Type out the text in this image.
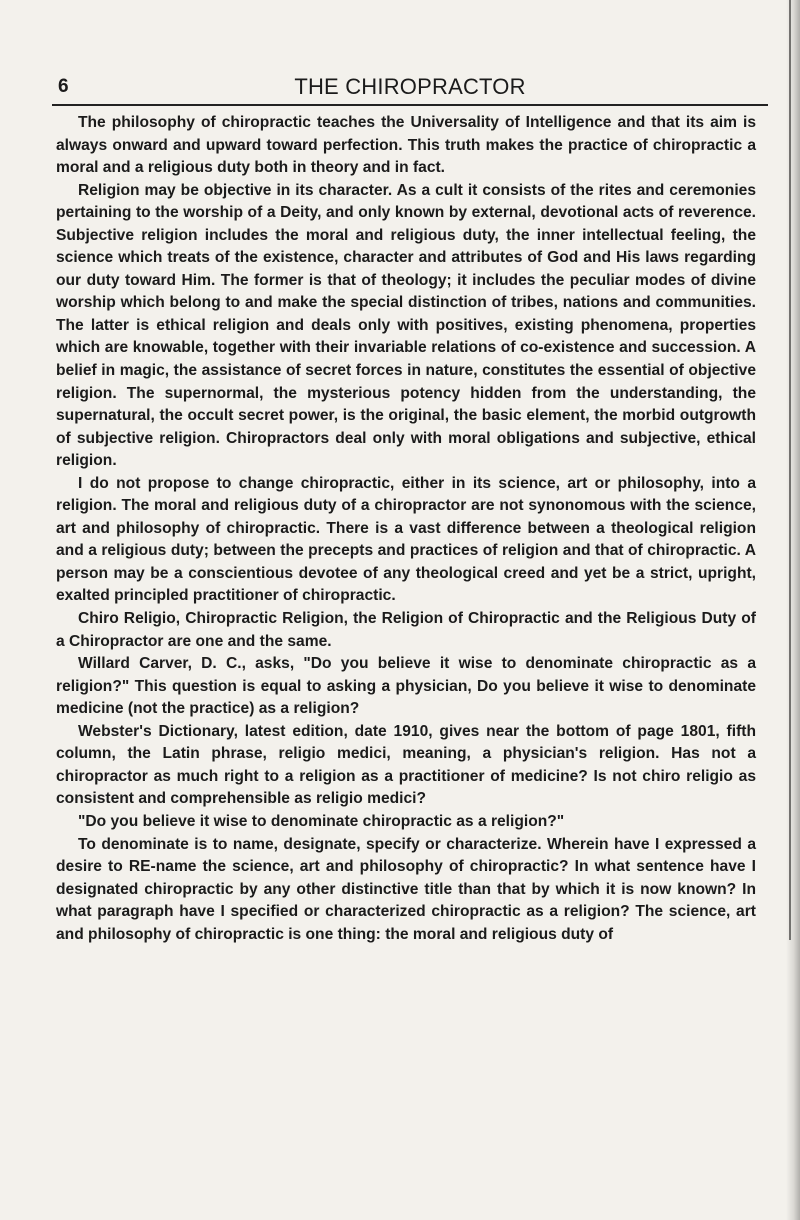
6	THE CHIROPRACTOR

The philosophy of chiropractic teaches the Universality of Intelligence and that its aim is always onward and upward toward perfection. This truth makes the practice of chiropractic a moral and a religious duty both in theory and in fact.

Religion may be objective in its character. As a cult it consists of the rites and ceremonies pertaining to the worship of a Deity, and only known by external, devotional acts of reverence. Subjective religion includes the moral and religious duty, the inner intellectual feeling, the science which treats of the existence, character and attributes of God and His laws regarding our duty toward Him. The former is that of theology; it includes the peculiar modes of divine worship which belong to and make the special distinction of tribes, nations and communities. The latter is ethical religion and deals only with positives, existing phenomena, properties which are knowable, together with their invariable relations of co-existence and succession. A belief in magic, the assistance of secret forces in nature, constitutes the essential of objective religion. The supernormal, the mysterious potency hidden from the understanding, the supernatural, the occult secret power, is the original, the basic element, the morbid outgrowth of subjective religion. Chiropractors deal only with moral obligations and subjective, ethical religion.

I do not propose to change chiropractic, either in its science, art or philosophy, into a religion. The moral and religious duty of a chiropractor are not synonomous with the science, art and philosophy of chiropractic. There is a vast difference between a theological religion and a religious duty; between the precepts and practices of religion and that of chiropractic. A person may be a conscientious devotee of any theological creed and yet be a strict, upright, exalted principled practitioner of chiropractic.

Chiro Religio, Chiropractic Religion, the Religion of Chiropractic and the Religious Duty of a Chiropractor are one and the same.

Willard Carver, D. C., asks, "Do you believe it wise to denominate chiropractic as a religion?" This question is equal to asking a physician, Do you believe it wise to denominate medicine (not the practice) as a religion?

Webster's Dictionary, latest edition, date 1910, gives near the bottom of page 1801, fifth column, the Latin phrase, religio medici, meaning, a physician's religion. Has not a chiropractor as much right to a religion as a practitioner of medicine? Is not chiro religio as consistent and comprehensible as religio medici?

"Do you believe it wise to denominate chiropractic as a religion?"

To denominate is to name, designate, specify or characterize. Wherein have I expressed a desire to RE-name the science, art and philosophy of chiropractic? In what sentence have I designated chiropractic by any other distinctive title than that by which it is now known? In what paragraph have I specified or characterized chiropractic as a religion? The science, art and philosophy of chiropractic is one thing: the moral and religious duty of
